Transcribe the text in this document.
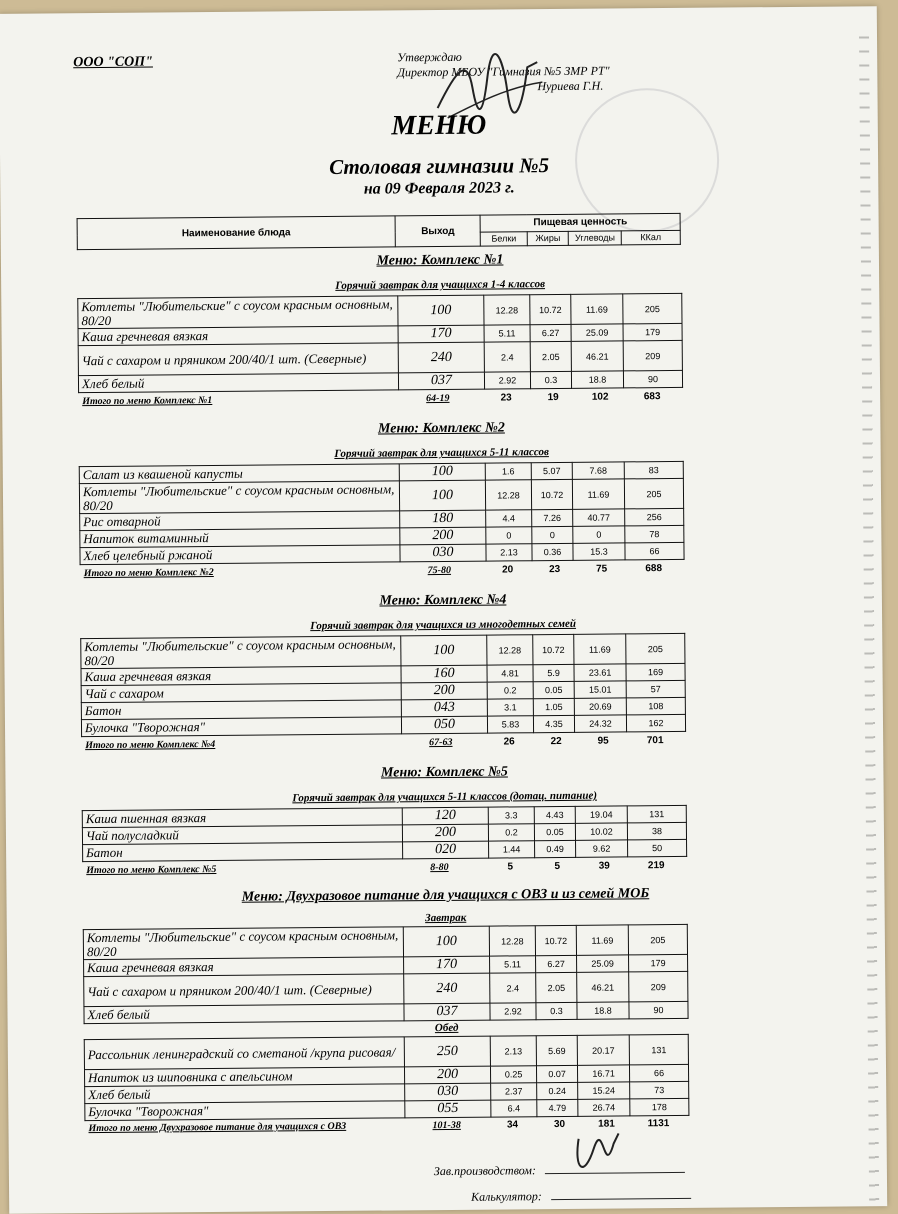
ООО "СОП"	Утверждаю
Директор МБОУ "Гимназия №5 ЗМР РТ"
Нуриева Г.Н.
МЕНЮ
Столовая гимназии №5
на 09 Февраля 2023 г.
Наименование блюда	Выход	Пищевая ценность			
		Белки	Жиры	Углеводы	ККал
Меню: Комплекс №1
Горячий завтрак для учащихся 1-4 классов
Котлеты "Любительские" с соусом красным основным, 80/20	100	12.28	10.72	11.69	205
Каша гречневая вязкая	170	5.11	6.27	25.09	179
Чай с сахаром и пряником 200/40/1 шт. (Северные)	240	2.4	2.05	46.21	209
Хлеб белый	037	2.92	0.3	18.8	90
Итого по меню Комплекс №1	64-19	23	19	102	683
Меню: Комплекс №2
Горячий завтрак для учащихся 5-11 классов
Салат из квашеной капусты	100	1.6	5.07	7.68	83
Котлеты "Любительские" с соусом красным основным, 80/20	100	12.28	10.72	11.69	205
Рис отварной	180	4.4	7.26	40.77	256
Напиток витаминный	200	0	0	0	78
Хлеб целебный ржаной	030	2.13	0.36	15.3	66
Итого по меню Комплекс №2	75-80	20	23	75	688
Меню: Комплекс №4
Горячий завтрак для учащихся из многодетных семей
Котлеты "Любительские" с соусом красным основным, 80/20	100	12.28	10.72	11.69	205
Каша гречневая вязкая	160	4.81	5.9	23.61	169
Чай с сахаром	200	0.2	0.05	15.01	57
Батон	043	3.1	1.05	20.69	108
Булочка "Творожная"	050	5.83	4.35	24.32	162
Итого по меню Комплекс №4	67-63	26	22	95	701
Меню: Комплекс №5
Горячий завтрак для учащихся 5-11 классов (дотац. питание)
Каша пшенная вязкая	120	3.3	4.43	19.04	131
Чай полусладкий	200	0.2	0.05	10.02	38
Батон	020	1.44	0.49	9.62	50
Итого по меню Комплекс №5	8-80	5	5	39	219
Меню: Двухразовое питание для учащихся с ОВЗ и из семей МОБ
Завтрак
Котлеты "Любительские" с соусом красным основным, 80/20	100	12.28	10.72	11.69	205
Каша гречневая вязкая	170	5.11	6.27	25.09	179
Чай с сахаром и пряником 200/40/1 шт. (Северные)	240	2.4	2.05	46.21	209
Хлеб белый	037	2.92	0.3	18.8	90
Обед
Рассольник ленинградский со сметаной /крупа рисовая/	250	2.13	5.69	20.17	131
Напиток из шиповника с апельсином	200	0.25	0.07	16.71	66
Хлеб белый	030	2.37	0.24	15.24	73
Булочка "Творожная"	055	6.4	4.79	26.74	178
Итого по меню Двухразовое питание для учащихся с ОВЗ	101-38	34	30	181	1131
Зав.производством:
Калькулятор:
